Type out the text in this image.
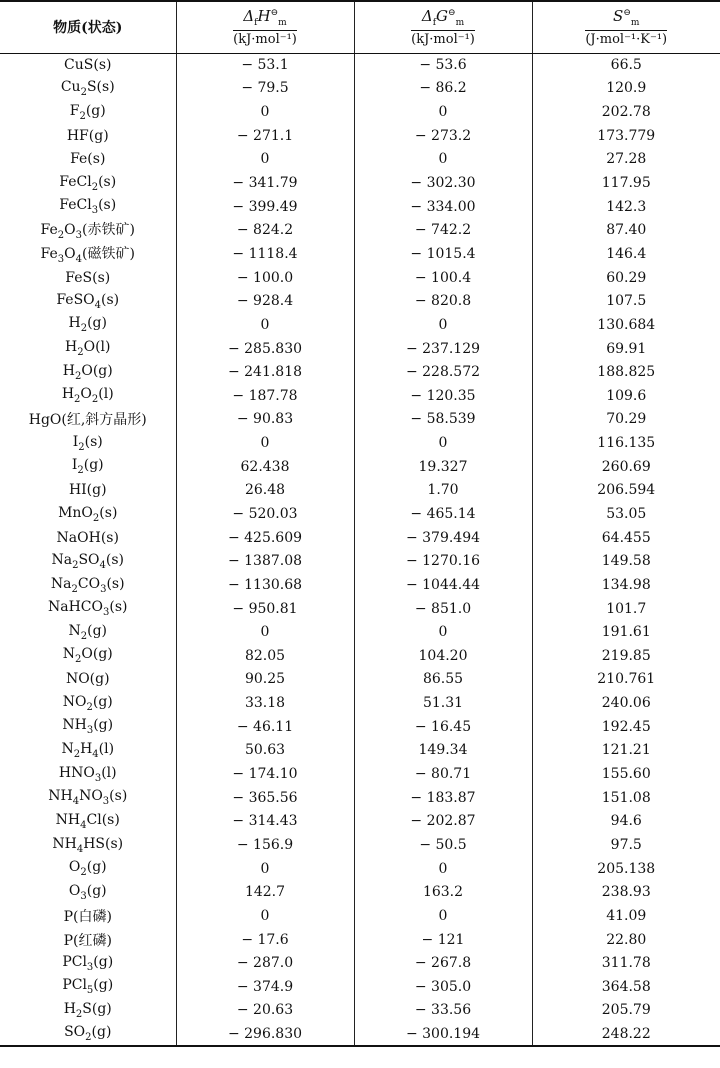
物质(状态)	$\frac{\Delta_fH^⊖_m}{\text{(kJ·mol⁻¹)}}$	$\frac{\Delta_fG^⊖_m}{\text{(kJ·mol⁻¹)}}$	$\frac{S^⊖_m}{\text{(J·mol⁻¹·K⁻¹)}}$

CuS(s)	− 53.1	− 53.6	66.5
$Cu_2S(s)$	− 79.5	− 86.2	120.9
$F_2(g)$	0	0	202.78
HF(g)	− 271.1	− 273.2	173.779
Fe(s)	0	0	27.28
FeCl$_2$(s)	− 341.79	− 302.30	117.95
FeCl$_3$(s)	− 399.49	− 334.00	142.3
$Fe_2O_3$(赤铁矿)	− 824.2	− 742.2	87.40
$Fe_3O_4$(磁铁矿)	− 1118.4	− 1015.4	146.4
FeS(s)	− 100.0	− 100.4	60.29
FeSO$_4$(s)	− 928.4	− 820.8	107.5
$H_2(g)$	0	0	130.684
$H_2O(l)$	− 285.830	− 237.129	69.91
$H_2O(g)$	− 241.818	− 228.572	188.825
$H_2O_2(l)$	− 187.78	− 120.35	109.6
HgO(红,斜方晶形)	− 90.83	− 58.539	70.29
$I_2(s)$	0	0	116.135
$I_2(g)$	62.438	19.327	260.69
HI(g)	26.48	1.70	206.594
MnO$_2$(s)	− 520.03	− 465.14	53.05
NaOH(s)	− 425.609	− 379.494	64.455
$Na_2SO_4(s)$	− 1387.08	− 1270.16	149.58
$Na_2CO_3(s)$	− 1130.68	− 1044.44	134.98
NaHCO$_3$(s)	− 950.81	− 851.0	101.7
$N_2(g)$	0	0	191.61
$N_2O(g)$	82.05	104.20	219.85
NO(g)	90.25	86.55	210.761
$NO_2(g)$	33.18	51.31	240.06
$NH_3(g)$	− 46.11	− 16.45	192.45
$N_2H_4(l)$	50.63	149.34	121.21
$HNO_3(l)$	− 174.10	− 80.71	155.60
$NH_4NO_3(s)$	− 365.56	− 183.87	151.08
$NH_4Cl(s)$	− 314.43	− 202.87	94.6
$NH_4HS(s)$	− 156.9	− 50.5	97.5
$O_2(g)$	0	0	205.138
$O_3(g)$	142.7	163.2	238.93
P(白磷)	0	0	41.09
P(红磷)	− 17.6	− 121	22.80
PCl$_3$(g)	− 287.0	− 267.8	311.78
PCl$_5$(g)	− 374.9	− 305.0	364.58
$H_2S(g)$	− 20.63	− 33.56	205.79
$SO_2(g)$	− 296.830	− 300.194	248.22
